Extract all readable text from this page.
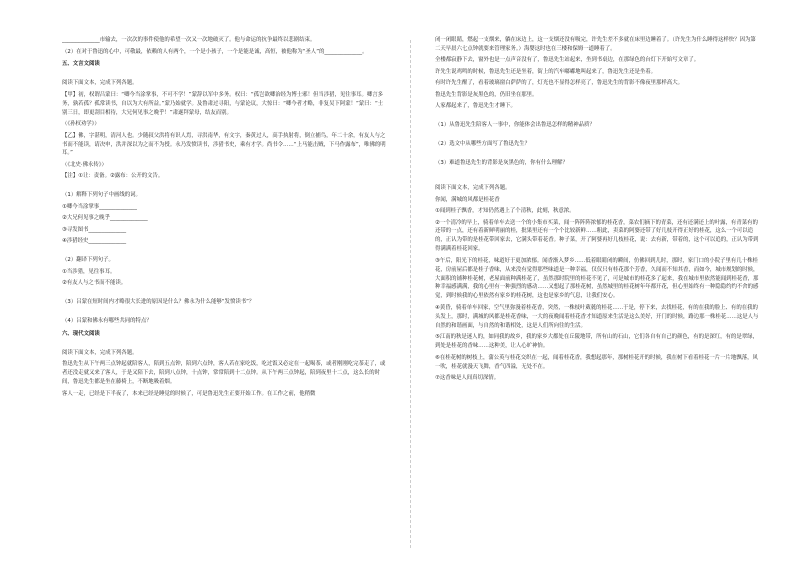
______________市输去，一次次的事件使他的希望一次又一次地破灭了。他与命运的抗争最终以悲剧结束。

（2）在对于鲁迅的心中，可敬最，依赖的人有两个，一个是小孩子，一个是能是诚，高恒，被他称为“圣人”的______________。

五、文言文阅读

阅读下面文本，完成下列各题。

【甲】初，权谓吕蒙曰：“卿今当涂掌事，不可不学！”蒙辞以军中多务。权曰：“孤岂欲卿治经为博士邪！但当涉猎，见往事耳。卿言多务，孰若孤？孤常读书，自以为大有所益。”蒙乃始就学。及鲁肃过寻阳，与蒙论议，大惊曰：“卿今者才略，非复吴下阿蒙！”蒙曰：“士别三日，即更刮目相待，大兄何见事之晚乎！”肃遂拜蒙母，结友而别。

（《孙权劝学》）

【乙】佛，字湛明，清河人也。少随叔父洪将有识人焉，寻洪南华，有文字，秦黄过人，高手执射将，倒立捕鸟，年二十余，有友人与之书而不能读，请决申，洪并深以为之而不为授。永乃发愤读书，涉猎书史，乘有才学。尚书令……“上马能击贼，下马作露布”，唯佛的明耳。”

（《北史·佛永传》）

【注】①让：责备。②露布：公开的文告。

（1）解释下列句子中画线的词。

①卿今当涂掌事______________

②大兄何见事之晚乎______________

③寻发图书______________

④涉猎经史______________

（2）翻译下列句子。

①当涉猎，见往事耳。

②有友人与之书而不能读。

（3）吕蒙在短时间内才略很大长进的原因是什么？佛永为什么能够“发愤读书”？

（4）吕蒙和佛永有哪些共同的特点？

六、现代文阅读

阅读下面文本，完成下列各题。

鲁迅先生从下午两三点钟起就陪客人，陪到五点钟，陪到六点钟，客人若在家吃饭，吃过饭又必定在一起喝茶，或者刚刚吃完茶走了，或者还没走就又来了客人，于是又陪下去，陪到八点钟，十点钟，常常陪到十二点钟。从下午两三点钟起，陪到夜里十二点，这么长的时间，鲁迅先生都是坐在藤椅上，不断地吸着烟。

客人一走，已经是下半夜了，本来已经是睡觉的时候了，可是鲁迅先生正要开始工作。在工作之前，他稍微

闭一闭眼睛，燃起一支烟来，躺在床边上，这一支烟还没有吸完，许先生差不多就在床里边睡着了。（许先生为什么睡得这样快？因为第二天早晨六七点钟就要来管理家务。）海婴这时也在三楼和保姆一道睡着了。

全楼都寂静下去，窗外也是一点声音没有了，鲁迅先生站起来，坐到书桌边，在那绿色的台灯下开始写文章了。

许先生说鸡鸣的时候，鲁迅先生还是坐着，街上的汽车嘟嘟地叫起来了，鲁迅先生还是坐着。

有时许先生醒了，看着玻璃窗白萨萨的了，灯光也不显得怎样亮了，鲁迅先生的背影不像夜里那样高大。

鲁迅先生背影是灰黑色的，仍旧坐在那里。

人家都起来了，鲁迅先生才睡下。

（1）从鲁迅先生陪客人一事中，你能体会出鲁迅怎样的精神品质？

（2）选文中从哪些方面写了鲁迅先生？

（3）难道鲁迅先生的背影是灰黑色的，你有什么理解？

阅读下面文本，完成下列各题。

你闻，满城的风都是桂花香

①闻到桂子飘香，才知仍然遇上了个清秋，此刻，秋意浓。

②一个清冷的早上，骑着单车去送一个的小集市买菜，闻一阵阵阵浓郁的桂花香，菜农们摘下的青菜，还有还满还上的叶露，有青菜有的还带的一点，还有着新鲜明丽的桂，批果里还有一个个比较新鲜……粗此，卖菜的阿婆还带了好几枝开得正好的桂花，这么一个可以追的，正认为带的是桂花带回家去，它满头带着花香。种子菜，开了阿婆再好几枝桂花，说：去有新，带着的，这个可以追的，正认为带到得满满着桂花回家。

③午后，阳光下的桂花，味道好于更加浓郁。闻香渐入梦乡……低着眼睛闭的瞬间，仿佛回到儿时，那时，家门口的小院子里有几十株桂花，房前屋后都是桂子香味，从来没有觉得那些味道是一种幸福，仅仅只有桂花那个芳香，久闻而不知其香，而如今，城市规划的时候，大面积的铺种桂花树，老屋面前种满桂花了，虽然那时院里的桂花不见了，可是城市的桂花多了起来，我在城市里依然能闻到桂花香，那种幸福感满满，我的心里有一种强烈的感动……又想起了那桂花树，虽然城里的桂花树年年都开花，但心里始终有一种隐隐约约不舍的感觉，到时候我的心里依然有家乡的桂花树，这也是家乡的气息，让我们安心。

④黄昏，骑着单车回家，空气里弥漫着桂花香，突然，一株枝叶葳蕤的桂花……于是，停下来，去找桂花，有的在我的脸上、有的在我的头发上，那时，满城的风都是桂花香味，一大的夜晚闻着桂花香才知道原来生活是这么美好，开门的时候，路边那一株桂花……这是人与自然的和谐画面，与自然的和谐相处，这是人们所向往的生活。

⑤江南的秋是迷人的，如同我的故乡，我的家乡大都处在丘陵地带，所有山的石山，它们各自有自己的颜色，有的是深红，有的是翠绿，到处是桂花的香味……这种美，让人心旷神怡。

⑥在桂花树的树枝上，蒲公英与桂花交织在一起，闻着桂花香，我想起那年，那树桂花开的时候，我在树下看着桂花一片一片地飘落，风一吹，桂花就漫天飞舞，香气四溢，无处不在。

⑦这香味是人间真切深情。
